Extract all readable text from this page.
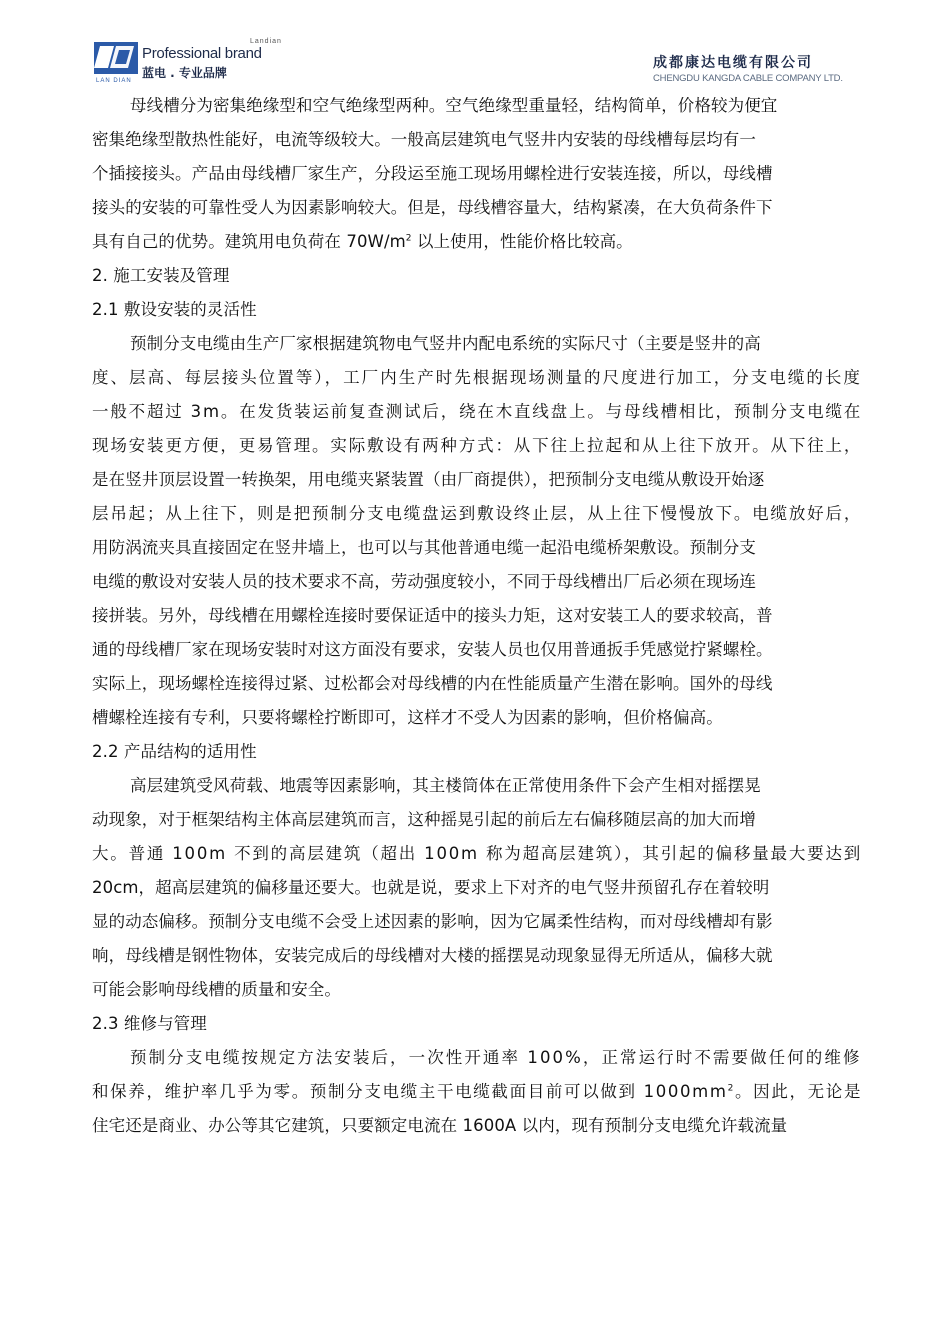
Landian
Professional brand
蓝电 . 专业品牌
LAN DIAN
成都康达电缆有限公司
CHENGDU KANGDA CABLE COMPANY LTD.
母线槽分为密集绝缘型和空气绝缘型两种。空气绝缘型重量轻，结构简单，价格较为便宜
密集绝缘型散热性能好，电流等级较大。一般高层建筑电气竖井内安装的母线槽每层均有一
个插接接头。产品由母线槽厂家生产，分段运至施工现场用螺栓进行安装连接，所以，母线槽
接头的安装的可靠性受人为因素影响较大。但是，母线槽容量大，结构紧凑，在大负荷条件下
具有自己的优势。建筑用电负荷在 $70W/m^2$ 以上使用，性能价格比较高。
2. 施工安装及管理
2.1 敷设安装的灵活性
预制分支电缆由生产厂家根据建筑物电气竖井内配电系统的实际尺寸（主要是竖井的高
度、层高、每层接头位置等），工厂内生产时先根据现场测量的尺度进行加工，分支电缆的长度
一般不超过 3m。在发货装运前复查测试后，绕在木直线盘上。与母线槽相比，预制分支电缆在
现场安装更方便，更易管理。实际敷设有两种方式：从下往上拉起和从上往下放开。从下往上，
是在竖井顶层设置一转换架，用电缆夹紧装置（由厂商提供），把预制分支电缆从敷设开始逐
层吊起；从上往下，则是把预制分支电缆盘运到敷设终止层，从上往下慢慢放下。电缆放好后，
用防涡流夹具直接固定在竖井墙上，也可以与其他普通电缆一起沿电缆桥架敷设。预制分支
电缆的敷设对安装人员的技术要求不高，劳动强度较小，不同于母线槽出厂后必须在现场连
接拼装。另外，母线槽在用螺栓连接时要保证适中的接头力矩，这对安装工人的要求较高，普
通的母线槽厂家在现场安装时对这方面没有要求，安装人员也仅用普通扳手凭感觉拧紧螺栓。
实际上，现场螺栓连接得过紧、过松都会对母线槽的内在性能质量产生潜在影响。国外的母线
槽螺栓连接有专利，只要将螺栓拧断即可，这样才不受人为因素的影响，但价格偏高。
2.2 产品结构的适用性
高层建筑受风荷载、地震等因素影响，其主楼筒体在正常使用条件下会产生相对摇摆晃
动现象，对于框架结构主体高层建筑而言，这种摇晃引起的前后左右偏移随层高的加大而增
大。普通 100m 不到的高层建筑（超出 100m 称为超高层建筑），其引起的偏移量最大要达到
20cm，超高层建筑的偏移量还要大。也就是说，要求上下对齐的电气竖井预留孔存在着较明
显的动态偏移。预制分支电缆不会受上述因素的影响，因为它属柔性结构，而对母线槽却有影
响，母线槽是钢性物体，安装完成后的母线槽对大楼的摇摆晃动现象显得无所适从，偏移大就
可能会影响母线槽的质量和安全。
2.3 维修与管理
预制分支电缆按规定方法安装后，一次性开通率 100%，正常运行时不需要做任何的维修
和保养，维护率几乎为零。预制分支电缆主干电缆截面目前可以做到 $1000mm^2$。因此，无论是
住宅还是商业、办公等其它建筑，只要额定电流在 1600A 以内，现有预制分支电缆允许载流量
